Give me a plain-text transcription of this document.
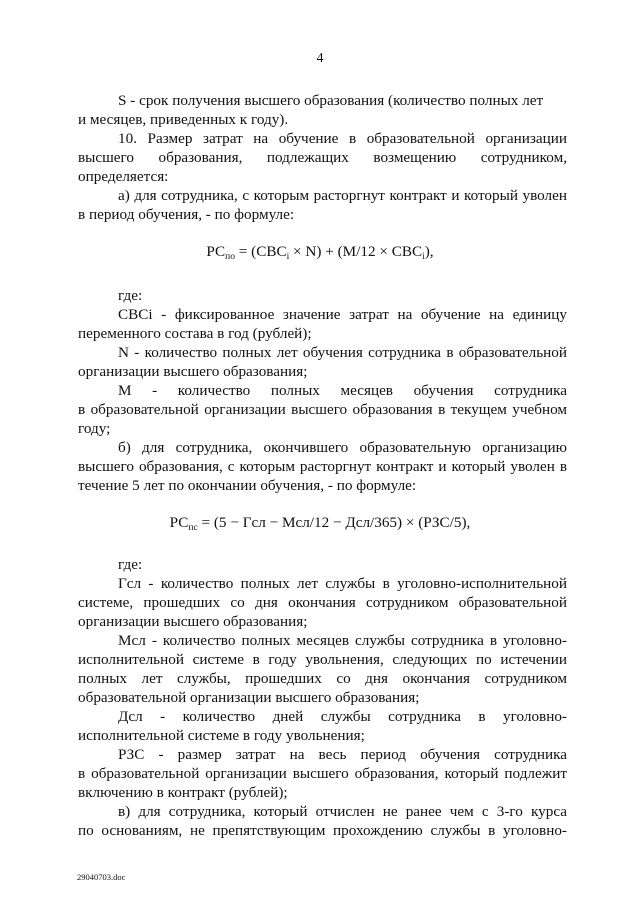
4
S - срок получения высшего образования (количество полных лет
и месяцев, приведенных к году).
10. Размер затрат на обучение в образовательной организации
высшего образования, подлежащих возмещению сотрудником,
определяется:
а) для сотрудника, с которым расторгнут контракт и который уволен
в период обучения, - по формуле:
$РС_{по} = (СВС_i \times N) + (М/12 \times СВС_i)$,
где:
СВСi - фиксированное значение затрат на обучение на единицу
переменного состава в год (рублей);
N - количество полных лет обучения сотрудника в образовательной
организации высшего образования;
М - количество полных месяцев обучения сотрудника
в образовательной организации высшего образования в текущем учебном
году;
б) для сотрудника, окончившего образовательную организацию
высшего образования, с которым расторгнут контракт и который уволен в
течение 5 лет по окончании обучения, - по формуле:
$РС_{пс} = (5$ − Гсл − Мсл/12 − Дсл/365) × (РЗС/5),
где:
Гсл - количество полных лет службы в уголовно-исполнительной
системе, прошедших со дня окончания сотрудником образовательной
организации высшего образования;
Мсл - количество полных месяцев службы сотрудника в уголовно-
исполнительной системе в году увольнения, следующих по истечении
полных лет службы, прошедших со дня окончания сотрудником
образовательной организации высшего образования;
Дсл - количество дней службы сотрудника в уголовно-
исполнительной системе в году увольнения;
РЗС - размер затрат на весь период обучения сотрудника
в образовательной организации высшего образования, который подлежит
включению в контракт (рублей);
в) для сотрудника, который отчислен не ранее чем с 3-го курса
по основаниям, не препятствующим прохождению службы в уголовно-
29040703.doc
